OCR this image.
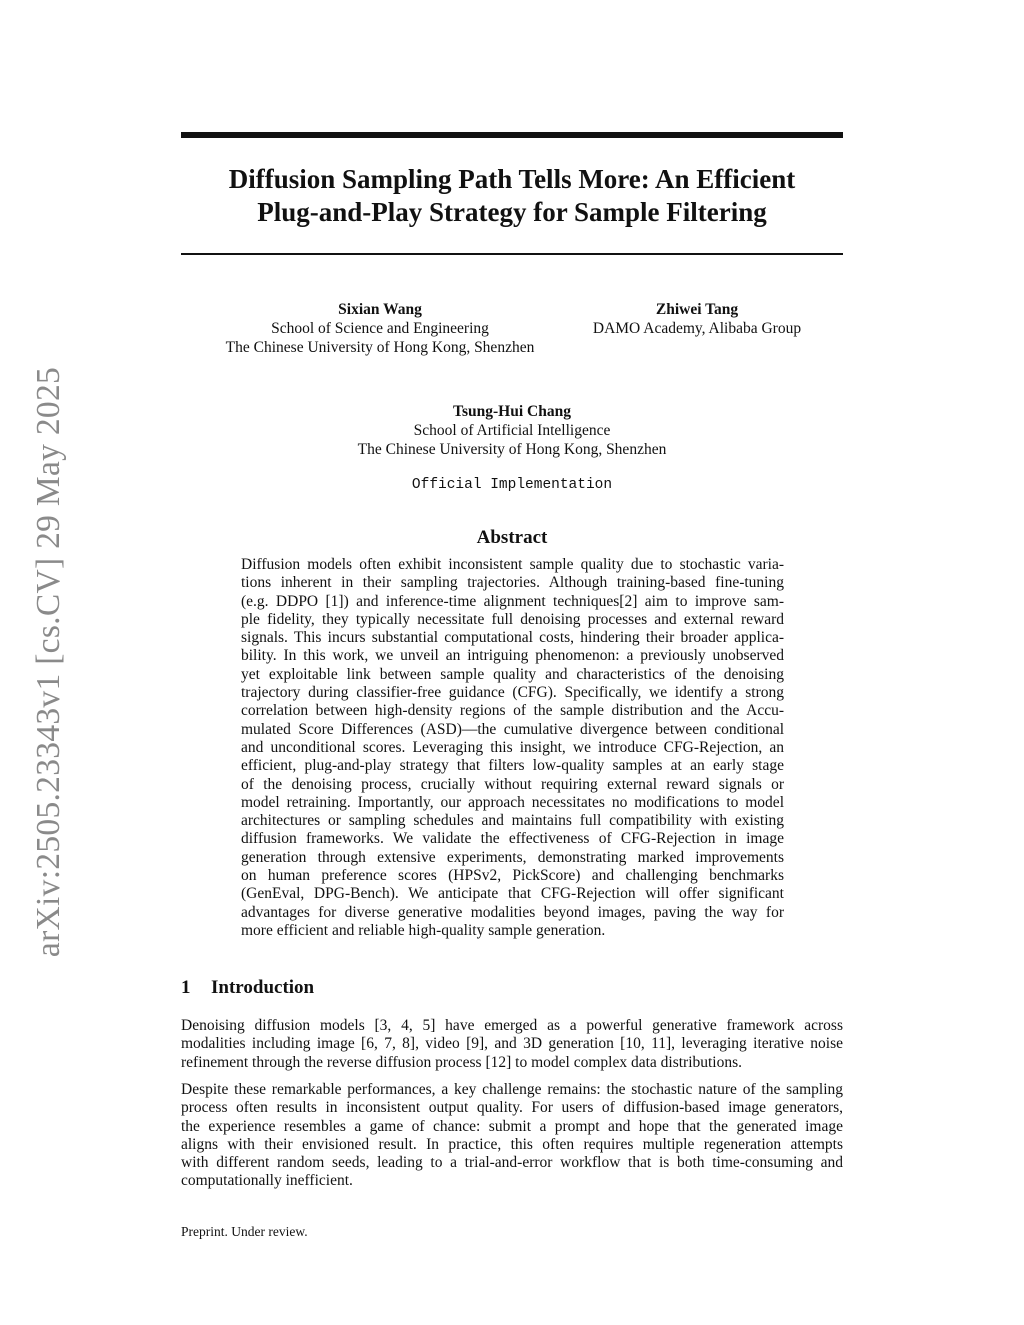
arXiv:2505.23343v1 [cs.CV] 29 May 2025
Diffusion Sampling Path Tells More: An Efficient
Plug-and-Play Strategy for Sample Filtering
Sixian Wang
School of Science and Engineering
The Chinese University of Hong Kong, Shenzhen
Zhiwei Tang
DAMO Academy, Alibaba Group
Tsung-Hui Chang
School of Artificial Intelligence
The Chinese University of Hong Kong, Shenzhen
Official Implementation
Abstract
Diffusion models often exhibit inconsistent sample quality due to stochastic varia-
tions inherent in their sampling trajectories. Although training-based fine-tuning
(e.g. DDPO [1]) and inference-time alignment techniques[2] aim to improve sam-
ple fidelity, they typically necessitate full denoising processes and external reward
signals. This incurs substantial computational costs, hindering their broader applica-
bility. In this work, we unveil an intriguing phenomenon: a previously unobserved
yet exploitable link between sample quality and characteristics of the denoising
trajectory during classifier-free guidance (CFG). Specifically, we identify a strong
correlation between high-density regions of the sample distribution and the Accu-
mulated Score Differences (ASD)—the cumulative divergence between conditional
and unconditional scores. Leveraging this insight, we introduce CFG-Rejection, an
efficient, plug-and-play strategy that filters low-quality samples at an early stage
of the denoising process, crucially without requiring external reward signals or
model retraining. Importantly, our approach necessitates no modifications to model
architectures or sampling schedules and maintains full compatibility with existing
diffusion frameworks. We validate the effectiveness of CFG-Rejection in image
generation through extensive experiments, demonstrating marked improvements
on human preference scores (HPSv2, PickScore) and challenging benchmarks
(GenEval, DPG-Bench). We anticipate that CFG-Rejection will offer significant
advantages for diverse generative modalities beyond images, paving the way for
more efficient and reliable high-quality sample generation.
1 Introduction
Denoising diffusion models [3, 4, 5] have emerged as a powerful generative framework across
modalities including image [6, 7, 8], video [9], and 3D generation [10, 11], leveraging iterative noise
refinement through the reverse diffusion process [12] to model complex data distributions.
Despite these remarkable performances, a key challenge remains: the stochastic nature of the sampling
process often results in inconsistent output quality. For users of diffusion-based image generators,
the experience resembles a game of chance: submit a prompt and hope that the generated image
aligns with their envisioned result. In practice, this often requires multiple regeneration attempts
with different random seeds, leading to a trial-and-error workflow that is both time-consuming and
computationally inefficient.
Preprint. Under review.
